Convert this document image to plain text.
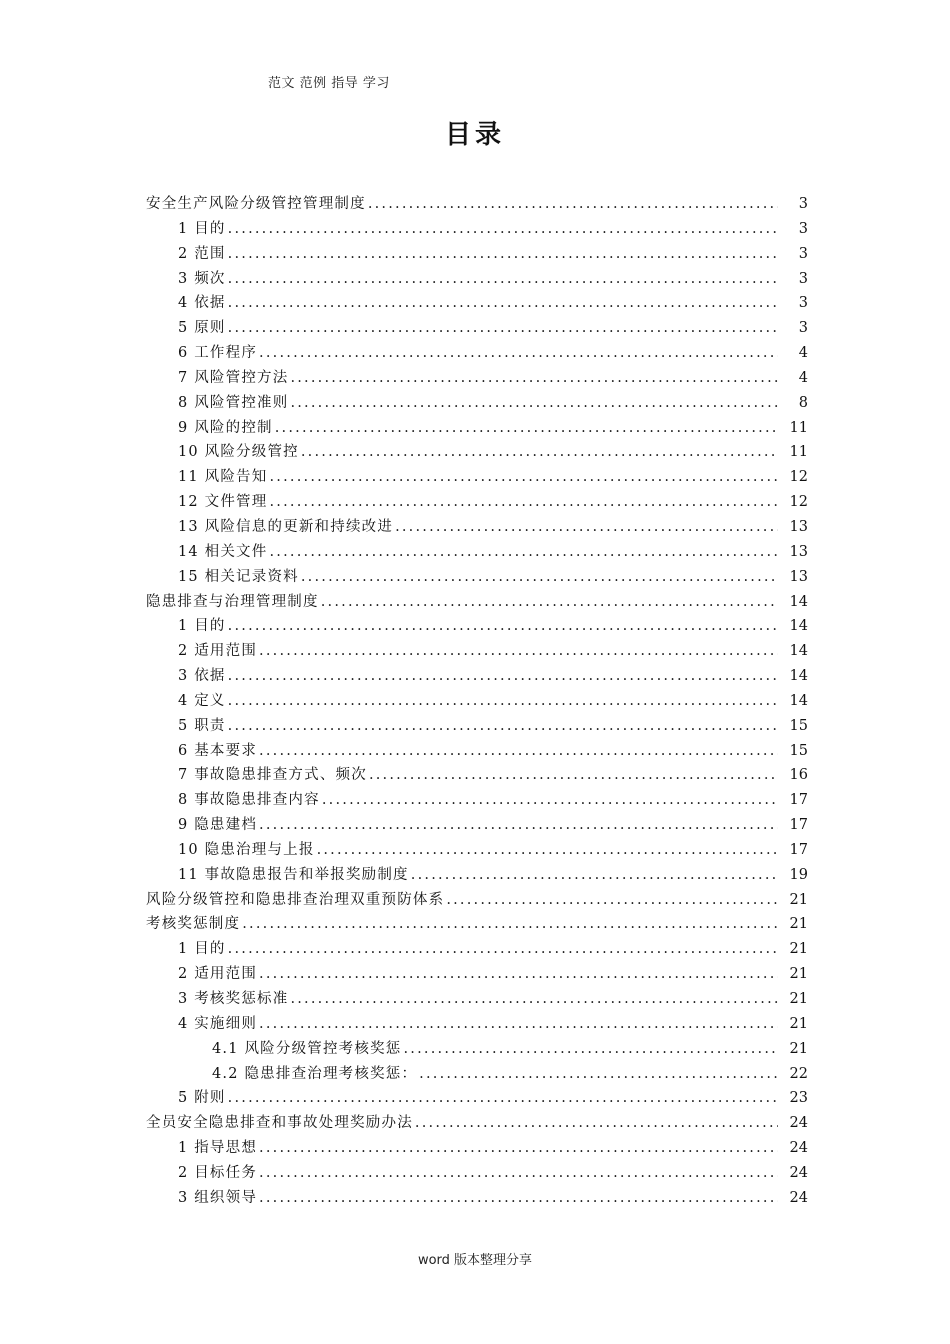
范文 范例 指导 学习
目录
安全生产风险分级管控管理制度 .....	3
1 目的 .....	3
2 范围 .....	3
3 频次 .....	3
4 依据 .....	3
5 原则 .....	3
6 工作程序 .....	4
7 风险管控方法 .....	4
8 风险管控准则 .....	8
9 风险的控制 .....	11
10 风险分级管控 .....	11
11 风险告知 .....	12
12 文件管理 .....	12
13 风险信息的更新和持续改进 .....	13
14 相关文件 .....	13
15 相关记录资料 .....	13
隐患排查与治理管理制度 .....	14
1 目的 .....	14
2 适用范围 .....	14
3 依据 .....	14
4 定义 .....	14
5 职责 .....	15
6 基本要求 .....	15
7 事故隐患排查方式、频次 .....	16
8 事故隐患排查内容 .....	17
9 隐患建档 .....	17
10 隐患治理与上报 .....	17
11 事故隐患报告和举报奖励制度 .....	19
风险分级管控和隐患排查治理双重预防体系 .....	21
考核奖惩制度 .....	21
1 目的 .....	21
2 适用范围 .....	21
3 考核奖惩标准 .....	21
4 实施细则 .....	21
4.1 风险分级管控考核奖惩 .....	21
4.2 隐患排查治理考核奖惩： .....	22
5 附则 .....	23
全员安全隐患排查和事故处理奖励办法 .....	24
1 指导思想 .....	24
2 目标任务 .....	24
3 组织领导 .....	24
word 版本整理分享
